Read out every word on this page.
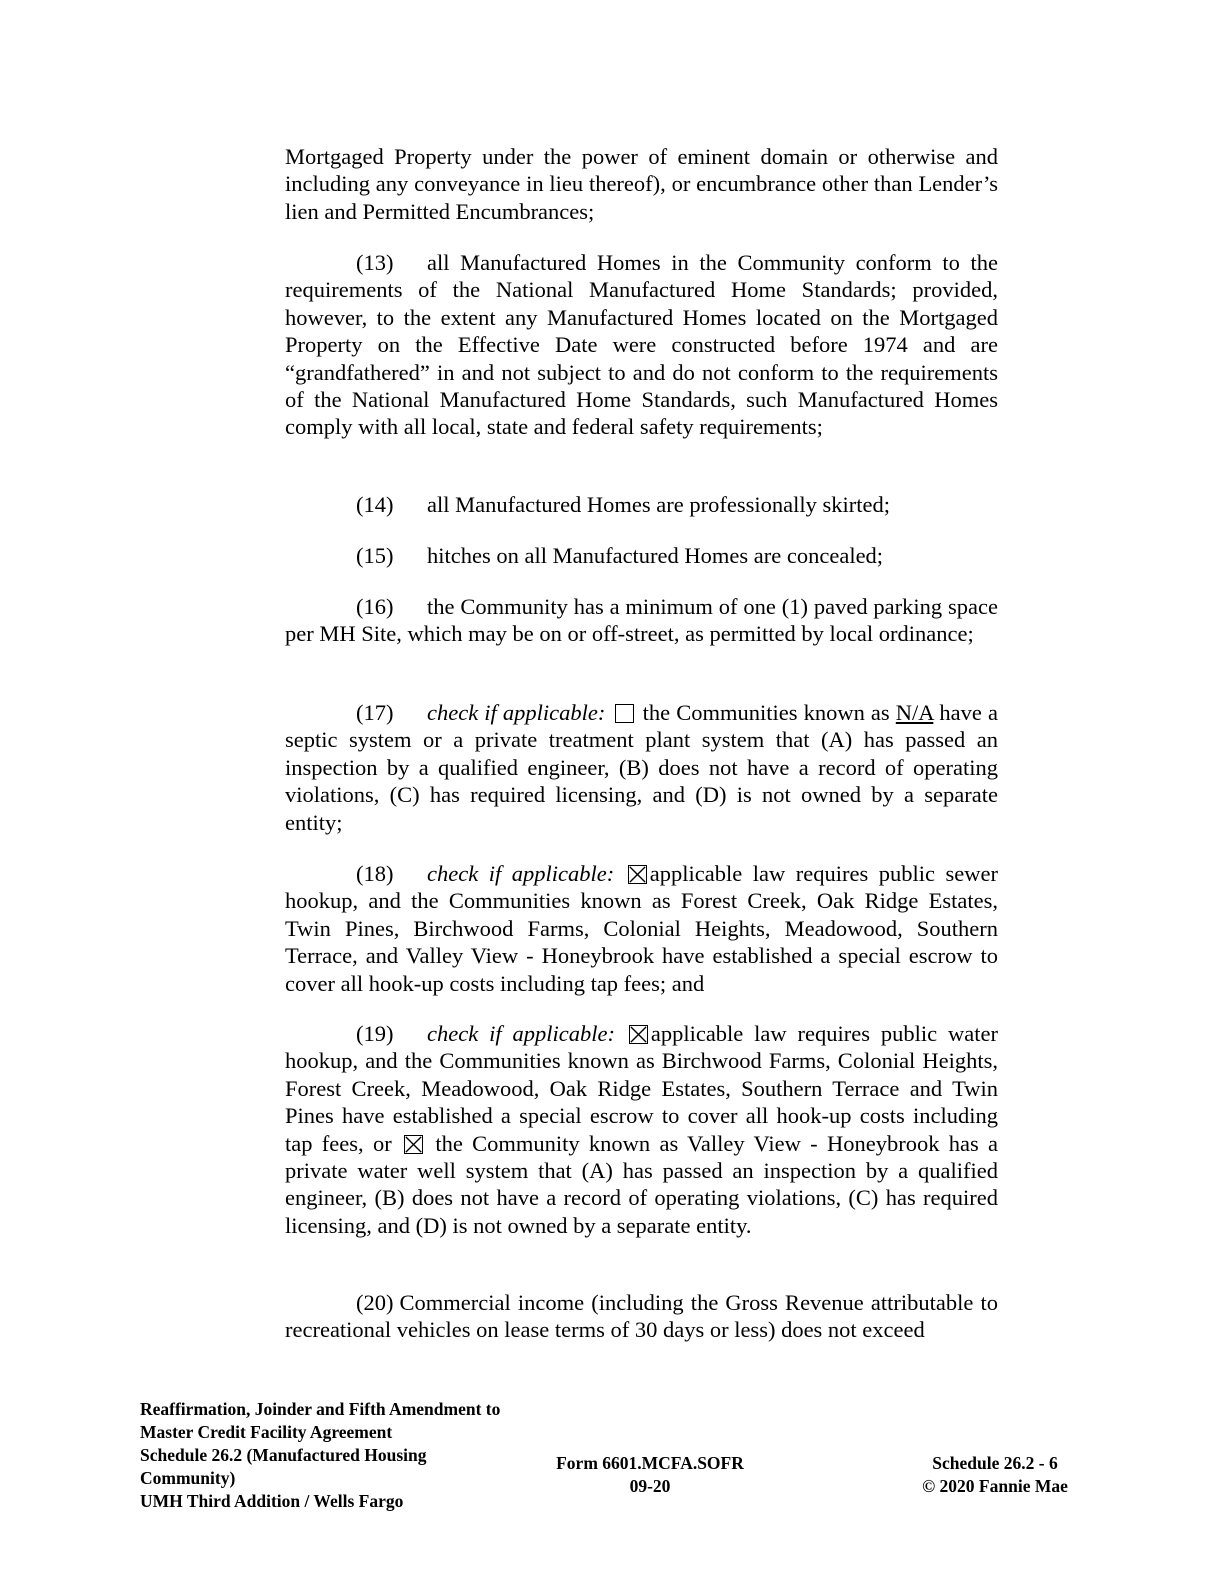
Mortgaged Property under the power of eminent domain or otherwise and including any conveyance in lieu thereof), or encumbrance other than Lender’s lien and Permitted Encumbrances;
(13) all Manufactured Homes in the Community conform to the requirements of the National Manufactured Home Standards; provided, however, to the extent any Manufactured Homes located on the Mortgaged Property on the Effective Date were constructed before 1974 and are “grandfathered” in and not subject to and do not conform to the requirements of the National Manufactured Home Standards, such Manufactured Homes comply with all local, state and federal safety requirements;
(14) all Manufactured Homes are professionally skirted;
(15) hitches on all Manufactured Homes are concealed;
(16) the Community has a minimum of one (1) paved parking space per MH Site, which may be on or off-street, as permitted by local ordinance;
(17) check if applicable: the Communities known as N/A have a septic system or a private treatment plant system that (A) has passed an inspection by a qualified engineer, (B) does not have a record of operating violations, (C) has required licensing, and (D) is not owned by a separate entity;
(18) check if applicable: applicable law requires public sewer hookup, and the Communities known as Forest Creek, Oak Ridge Estates, Twin Pines, Birchwood Farms, Colonial Heights, Meadowood, Southern Terrace, and Valley View - Honeybrook have established a special escrow to cover all hook-up costs including tap fees; and
(19) check if applicable: applicable law requires public water hookup, and the Communities known as Birchwood Farms, Colonial Heights, Forest Creek, Meadowood, Oak Ridge Estates, Southern Terrace and Twin Pines have established a special escrow to cover all hook-up costs including tap fees, or the Community known as Valley View - Honeybrook has a private water well system that (A) has passed an inspection by a qualified engineer, (B) does not have a record of operating violations, (C) has required licensing, and (D) is not owned by a separate entity.
(20) Commercial income (including the Gross Revenue attributable to recreational vehicles on lease terms of 30 days or less) does not exceed
Reaffirmation, Joinder and Fifth Amendment to
Master Credit Facility Agreement
Schedule 26.2 (Manufactured Housing
Community)
UMH Third Addition / Wells Fargo
Form 6601.MCFA.SOFR
09-20
Schedule 26.2 - 6
© 2020 Fannie Mae
